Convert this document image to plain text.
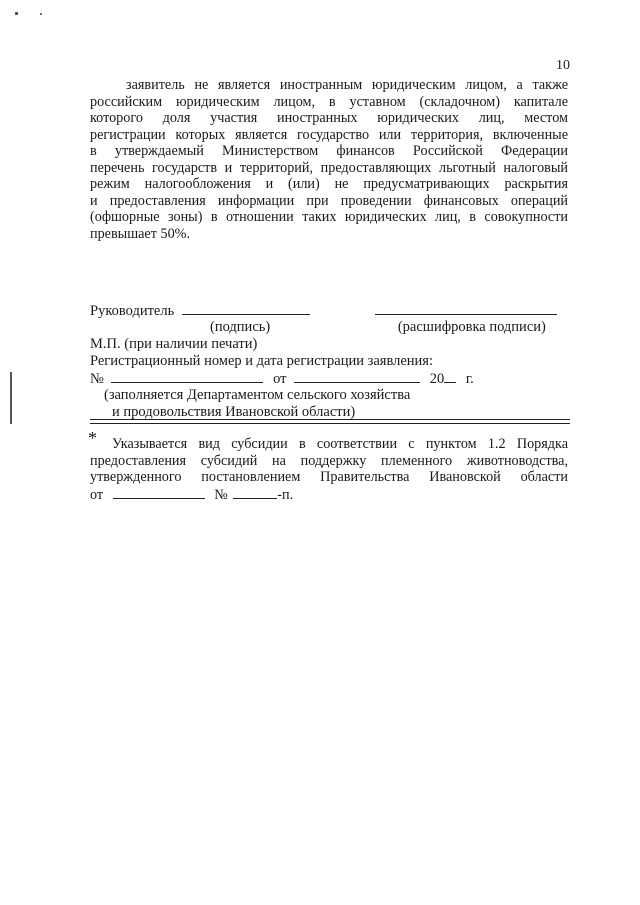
10
заявитель не является иностранным юридическим лицом, а также
российским юридическим лицом, в уставном (складочном) капитале
которого доля участия иностранных юридических лиц, местом
регистрации которых является государство или территория, включенные
в утверждаемый Министерством финансов Российской Федерации
перечень государств и территорий, предоставляющих льготный налоговый
режим налогообложения и (или) не предусматривающих раскрытия
и предоставления информации при проведении финансовых операций
(офшорные зоны) в отношении таких юридических лиц, в совокупности
превышает 50%.
Руководитель
(подпись)	(расшифровка подписи)
М.П. (при наличии печати)
Регистрационный номер и дата регистрации заявления:
№	от	20 г.
(заполняется Департаментом сельского хозяйства
и продовольствия Ивановской области)
* Указывается вид субсидии в соответствии с пунктом 1.2 Порядка
предоставления субсидий на поддержку племенного животноводства,
утвержденного постановлением Правительства Ивановской области
от	№	-п.
